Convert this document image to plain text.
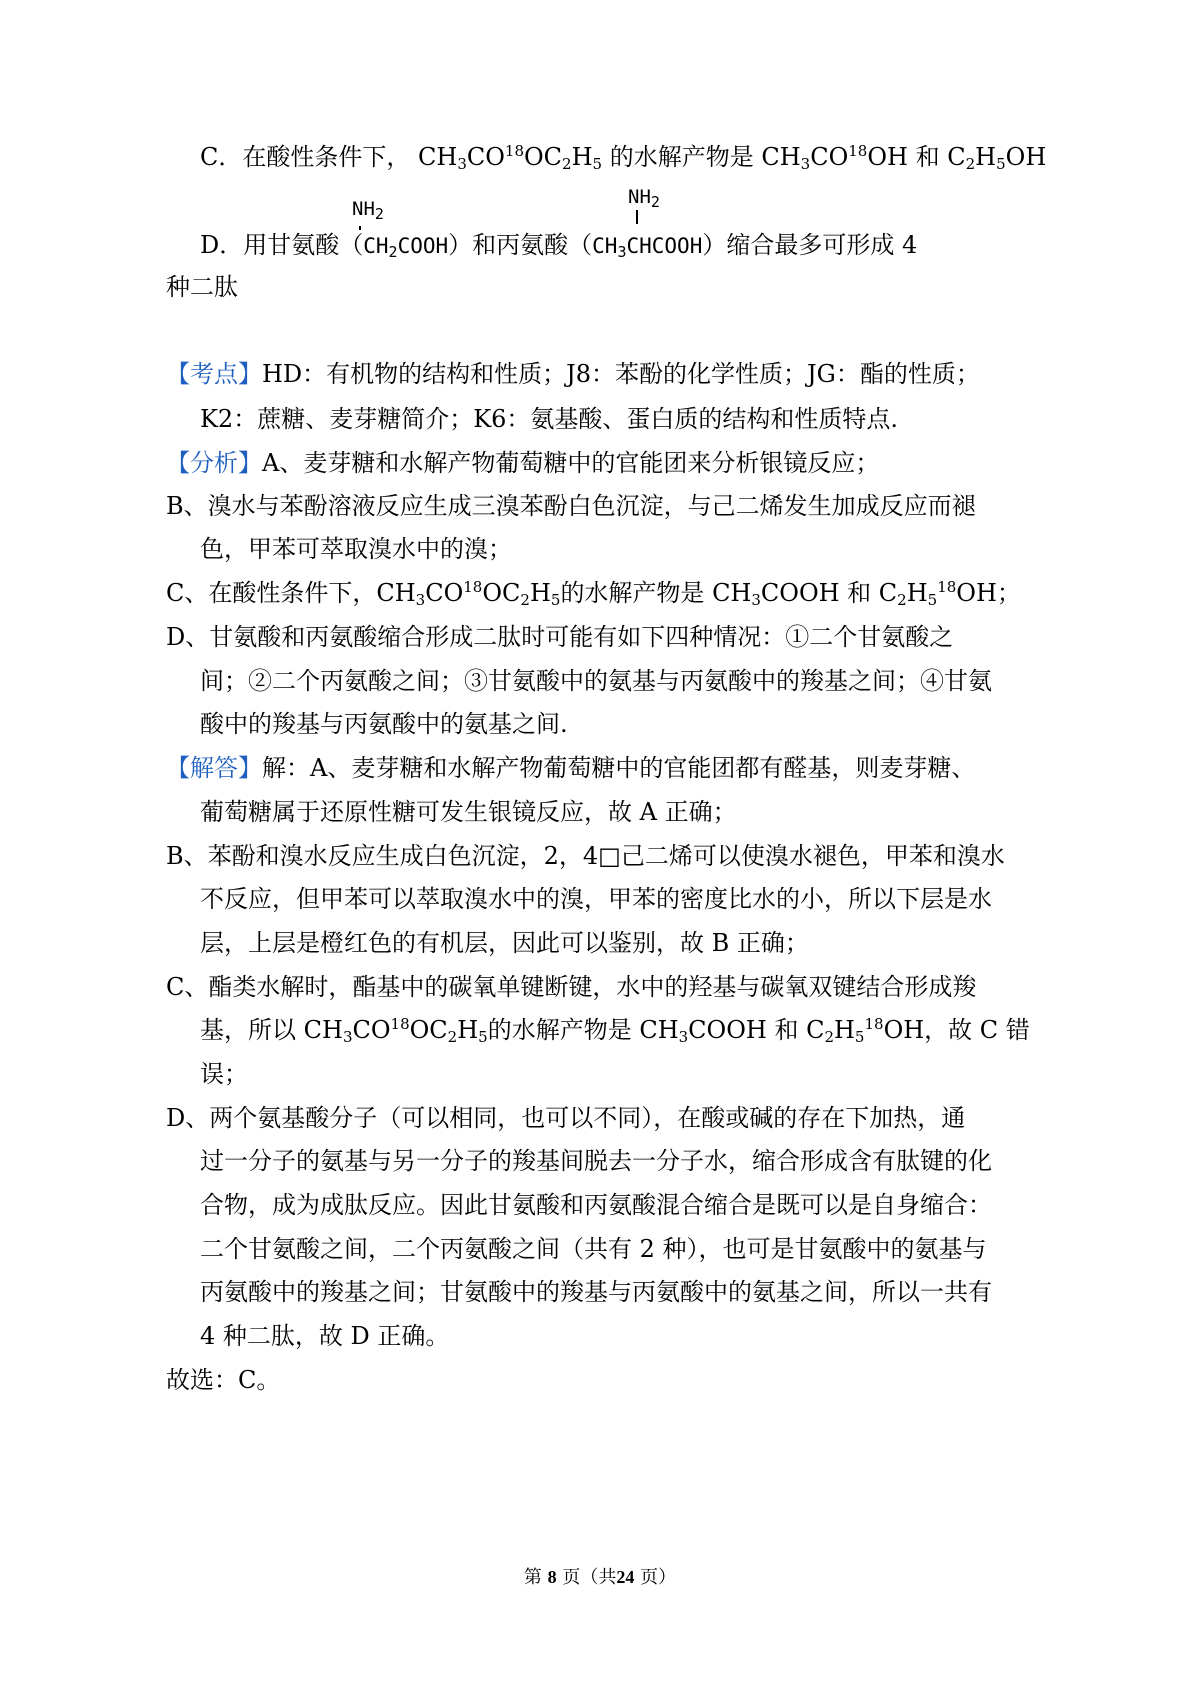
C．在酸性条件下， $CH_3CO^{18}OC_2H_5$ 的水解产物是 $CH_3CO^{18}OH$ 和 $C_2H_5OH$
$NH_2$
$NH_2$
D．用甘氨酸$(CH_2COOH)$和丙氨酸$(CH_3CHCOOH)$缩合最多可形成 4
种二肽
【考点】HD：有机物的结构和性质；J8：苯酚的化学性质；JG：酯的性质；
K2：蔗糖、麦芽糖简介；K6：氨基酸、蛋白质的结构和性质特点.
【分析】A、麦芽糖和水解产物葡萄糖中的官能团来分析银镜反应；
B、溴水与苯酚溶液反应生成三溴苯酚白色沉淀，与己二烯发生加成反应而褪
色，甲苯可萃取溴水中的溴；
C、在酸性条件下，$CH_3CO^{18}OC_2H_5$的水解产物是 $CH_3COOH$ 和 $C_2H_5^{18}OH$；
D、甘氨酸和丙氨酸缩合形成二肽时可能有如下四种情况：①二个甘氨酸之
间；②二个丙氨酸之间；③甘氨酸中的氨基与丙氨酸中的羧基之间；④甘氨
酸中的羧基与丙氨酸中的氨基之间.
【解答】解：A、麦芽糖和水解产物葡萄糖中的官能团都有醛基，则麦芽糖、
葡萄糖属于还原性糖可发生银镜反应，故 A 正确；
B、苯酚和溴水反应生成白色沉淀，2，4□己二烯可以使溴水褪色，甲苯和溴水
不反应，但甲苯可以萃取溴水中的溴，甲苯的密度比水的小，所以下层是水
层，上层是橙红色的有机层，因此可以鉴别，故 B 正确；
C、酯类水解时，酯基中的碳氧单键断键，水中的羟基与碳氧双键结合形成羧
基，所以 $CH_3CO^{18}OC_2H_5$的水解产物是 $CH_3COOH$ 和 $C_2H_5^{18}OH$，故 C 错
误；
D、两个氨基酸分子（可以相同，也可以不同），在酸或碱的存在下加热，通
过一分子的氨基与另一分子的羧基间脱去一分子水，缩合形成含有肽键的化
合物，成为成肽反应。因此甘氨酸和丙氨酸混合缩合是既可以是自身缩合：
二个甘氨酸之间，二个丙氨酸之间（共有 2 种），也可是甘氨酸中的氨基与
丙氨酸中的羧基之间；甘氨酸中的羧基与丙氨酸中的氨基之间，所以一共有
4 种二肽，故 D 正确。
故选：C。
第 8 页（共24 页）
